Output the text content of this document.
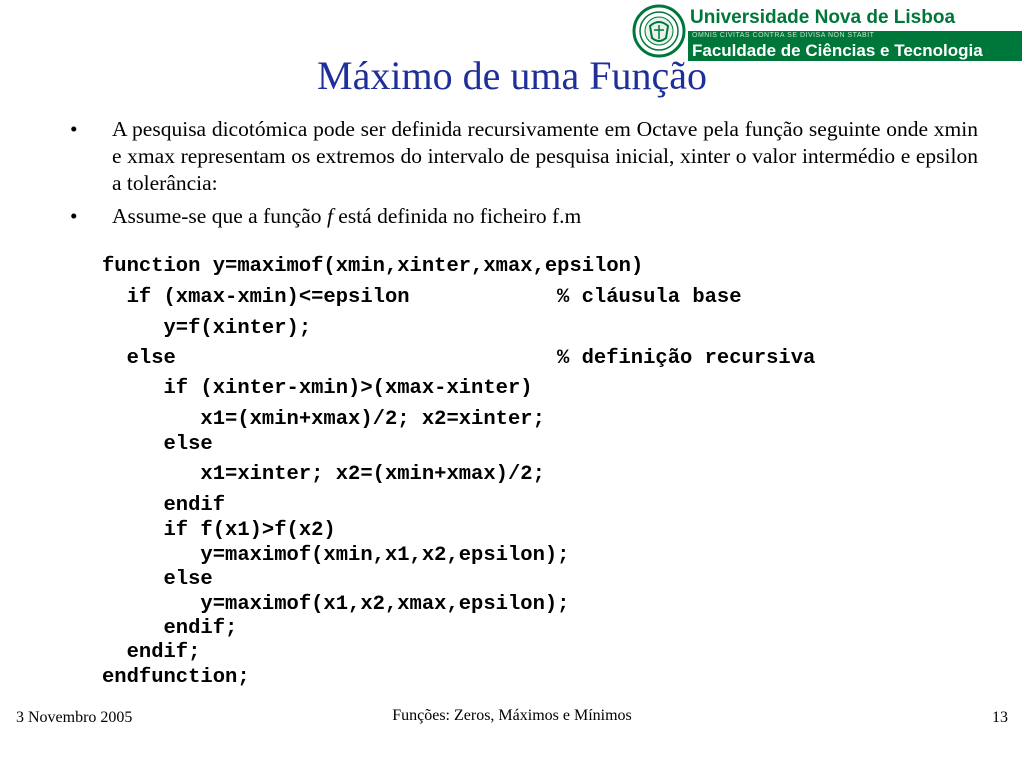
Universidade Nova de Lisboa
OMNIS CIVITAS CONTRA SE DIVISA NON STABIT
Faculdade de Ciências e Tecnologia
Máximo de uma Função
• A pesquisa dicotómica pode ser definida recursivamente em Octave pela função seguinte onde xmin e xmax representam os extremos do intervalo de pesquisa inicial, xinter o valor intermédio e epsilon a tolerância:
• Assume-se que a função f está definida no ficheiro f.m
function y=maximof(xmin,xinter,xmax,epsilon)
if (xmax-xmin)<=epsilon
y=f(xinter);
else
if (xinter-xmin)>(xmax-xinter)
x1=(xmin+xmax)/2; x2=xinter;
else
x1=xinter; x2=(xmin+xmax)/2;
endif
if f(x1)>f(x2)
y=maximof(xmin,x1,x2,epsilon);
else
y=maximof(x1,x2,xmax,epsilon);
endif;
endif;
endfunction;
% cláusula base
% definição recursiva
3 Novembro 2005	Funções: Zeros, Máximos e Mínimos	13
